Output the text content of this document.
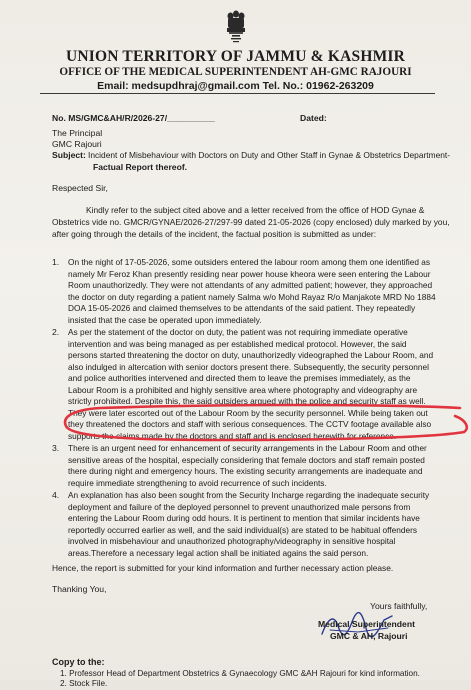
UNION TERRITORY OF JAMMU & KASHMIR
OFFICE OF THE MEDICAL SUPERINTENDENT AH-GMC RAJOURI
Email: medsupdhraj@gmail.com Tel. No.: 01962-263209
No. MS/GMC&AH/R/2026-27/__________	Dated:
The Principal
GMC Rajouri
Subject: Incident of Misbehaviour with Doctors on Duty and Other Staff in Gynae & Obstetrics Department-
Factual Report thereof.
Respected Sir,
Kindly refer to the subject cited above and a letter received from the office of HOD Gynae &
Obstetrics vide no. GMCR/GYNAE/2026-27/297-99 dated 21-05-2026 (copy enclosed) duly marked by you,
after going through the details of the incident, the factual position is submitted as under:
1. On the night of 17-05-2026, some outsiders entered the labour room among them one identified as
namely Mr Feroz Khan presently residing near power house kheora were seen entering the Labour
Room unauthorizedly. They were not attendants of any admitted patient; however, they approached
the doctor on duty regarding a patient namely Salma w/o Mohd Rayaz R/o Manjakote MRD No 1884
DOA 15-05-2026 and claimed themselves to be attendants of the said patient. They repeatedly
insisted that the case be operated upon immediately.
2. As per the statement of the doctor on duty, the patient was not requiring immediate operative
intervention and was being managed as per established medical protocol. However, the said
persons started threatening the doctor on duty, unauthorizedly videographed the Labour Room, and
also indulged in altercation with senior doctors present there. Subsequently, the security personnel
and police authorities intervened and directed them to leave the premises immediately, as the
Labour Room is a prohibited and highly sensitive area where photography and videography are
strictly prohibited. Despite this, the said outsiders argued with the police and security staff as well.
They were later escorted out of the Labour Room by the security personnel. While being taken out
they threatened the doctors and staff with serious consequences. The CCTV footage available also
supports the claims made by the doctors and staff and is enclosed herewith for reference.
3. There is an urgent need for enhancement of security arrangements in the Labour Room and other
sensitive areas of the hospital, especially considering that female doctors and staff remain posted
there during night and emergency hours. The existing security arrangements are inadequate and
require immediate strengthening to avoid recurrence of such incidents.
4. An explanation has also been sought from the Security Incharge regarding the inadequate security
deployment and failure of the deployed personnel to prevent unauthorized male persons from
entering the Labour Room during odd hours. It is pertinent to mention that similar incidents have
reportedly occurred earlier as well, and the said individual(s) are stated to be habitual offenders
involved in misbehaviour and unauthorized photography/videography in sensitive hospital
areas.Therefore a necessary legal action shall be initiated agains the said person.
Hence, the report is submitted for your kind information and further necessary action please.
Thanking You,
Yours faithfully,
Medical Superintendent
GMC & AH, Rajouri
Copy to the:
1. Professor Head of Department Obstetrics & Gynaecology GMC &AH Rajouri for kind information.
2. Stock File.
